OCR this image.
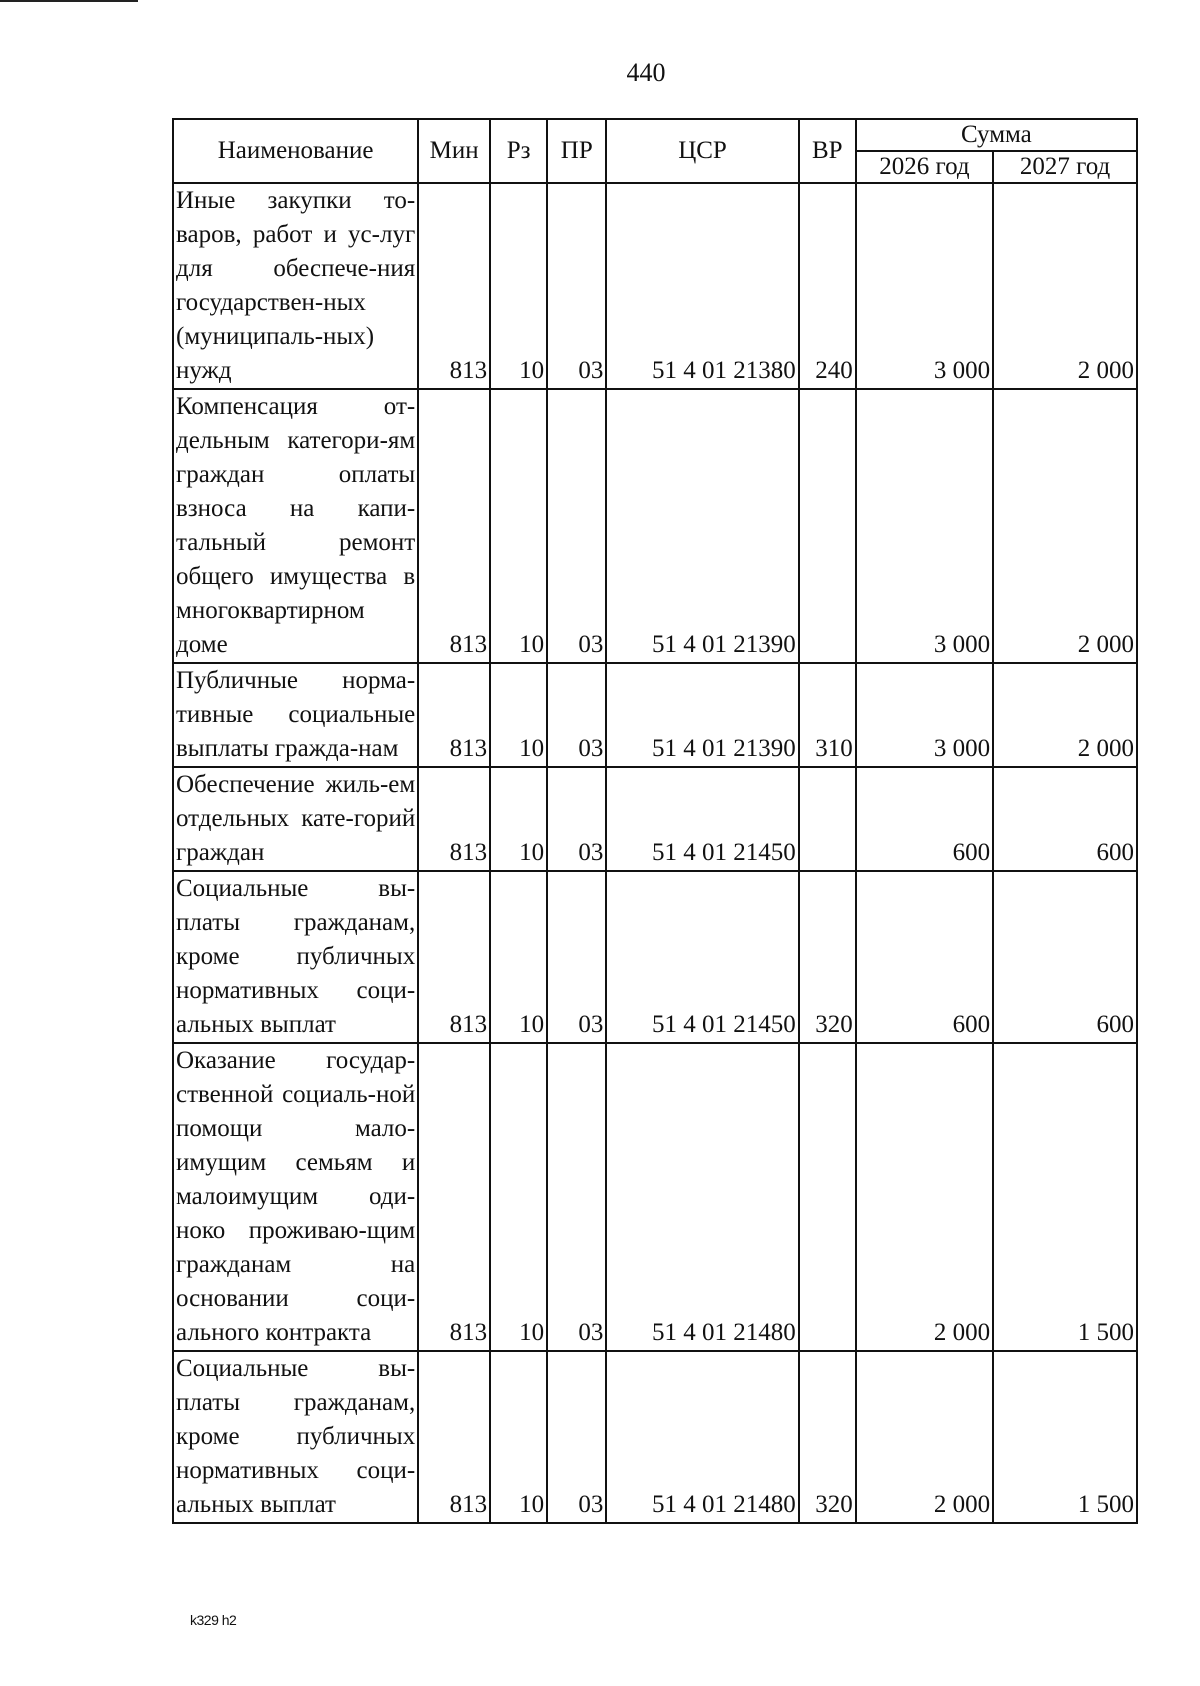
440
Наименование	Мин	Рз	ПР	ЦСР	ВР	Сумма	
						2026 год	2027 год
Иные закупки то-варов, работ и ус-луг для обеспече-ния государствен-ных (муниципаль-ных) нужд	813	10	03	51 4 01 21380	240	3 000	2 000
Компенсация от-дельным категори-ям граждан оплаты взноса на капи-тальный ремонт общего имущества в многоквартирном доме	813	10	03	51 4 01 21390		3 000	2 000
Публичные норма-тивные социальные выплаты гражда-нам	813	10	03	51 4 01 21390	310	3 000	2 000
Обеспечение жиль-ем отдельных кате-горий граждан	813	10	03	51 4 01 21450		600	600
Социальные вы-платы гражданам, кроме публичных нормативных соци-альных выплат	813	10	03	51 4 01 21450	320	600	600
Оказание государ-ственной социаль-ной помощи мало-имущим семьям и малоимущим оди-ноко проживаю-щим гражданам на основании соци-ального контракта	813	10	03	51 4 01 21480		2 000	1 500
Социальные вы-платы гражданам, кроме публичных нормативных соци-альных выплат	813	10	03	51 4 01 21480	320	2 000	1 500
k329 h2
